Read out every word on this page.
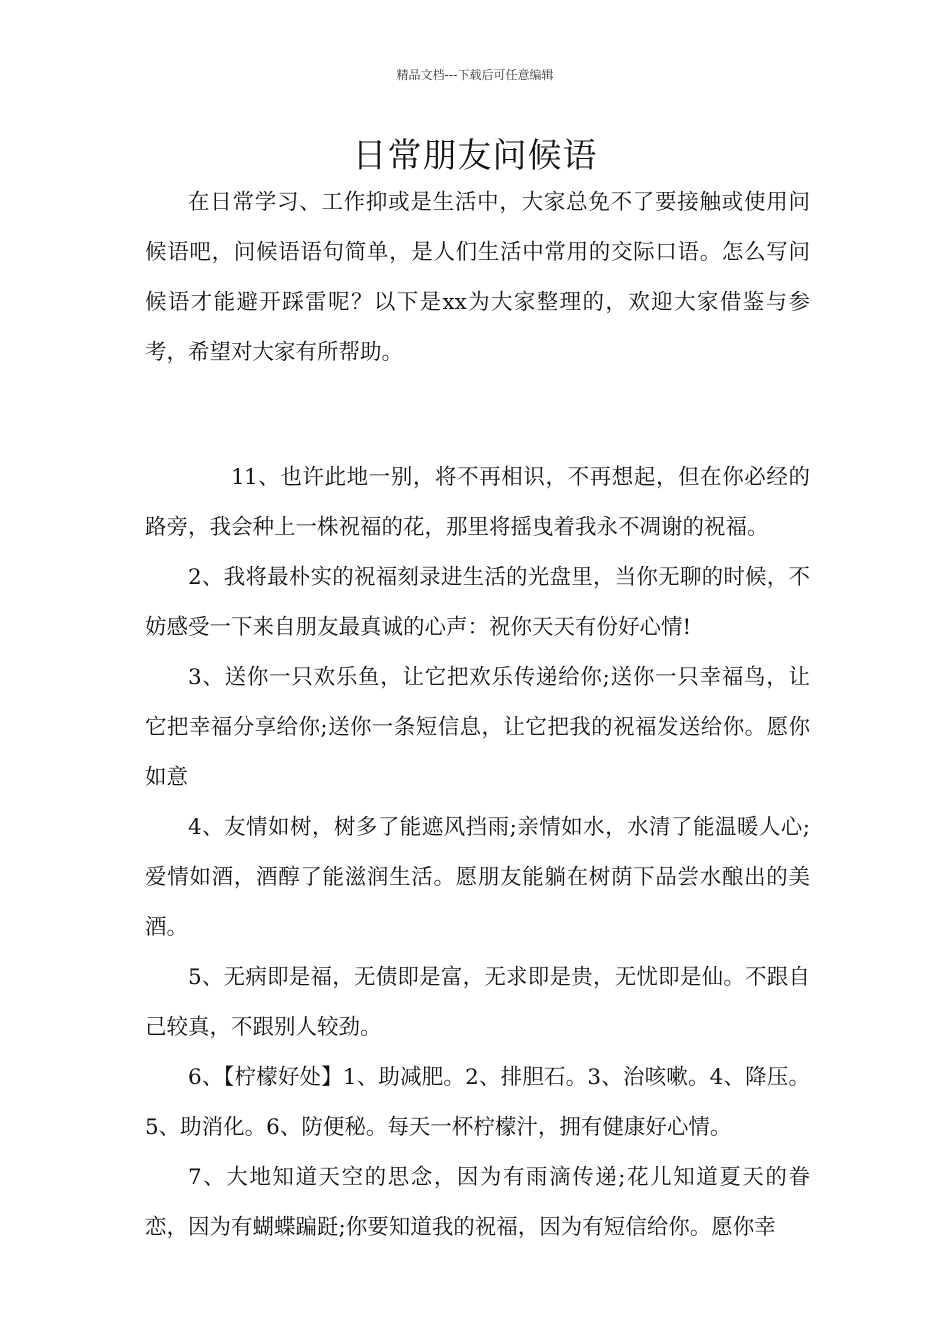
精品文档---下载后可任意编辑
日常朋友问候语

在日常学习、工作抑或是生活中，大家总免不了要接触或使用问候语吧，问候语语句简单，是人们生活中常用的交际口语。怎么写问候语才能避开踩雷呢？以下是xx为大家整理的，欢迎大家借鉴与参考，希望对大家有所帮助。

11、也许此地一别，将不再相识，不再想起，但在你必经的路旁，我会种上一株祝福的花，那里将摇曳着我永不凋谢的祝福。

2、我将最朴实的祝福刻录进生活的光盘里，当你无聊的时候，不妨感受一下来自朋友最真诚的心声：祝你天天有份好心情!

3、送你一只欢乐鱼，让它把欢乐传递给你;送你一只幸福鸟，让它把幸福分享给你;送你一条短信息，让它把我的祝福发送给你。愿你如意

4、友情如树，树多了能遮风挡雨;亲情如水，水清了能温暖人心;爱情如酒，酒醇了能滋润生活。愿朋友能躺在树荫下品尝水酿出的美酒。

5、无病即是福，无债即是富，无求即是贵，无忧即是仙。不跟自己较真，不跟别人较劲。

6、【柠檬好处】1、助减肥。2、排胆石。3、治咳嗽。4、降压。5、助消化。6、防便秘。每天一杯柠檬汁，拥有健康好心情。

7、大地知道天空的思念，因为有雨滴传递;花儿知道夏天的眷恋，因为有蝴蝶蹁跹;你要知道我的祝福，因为有短信给你。愿你幸
